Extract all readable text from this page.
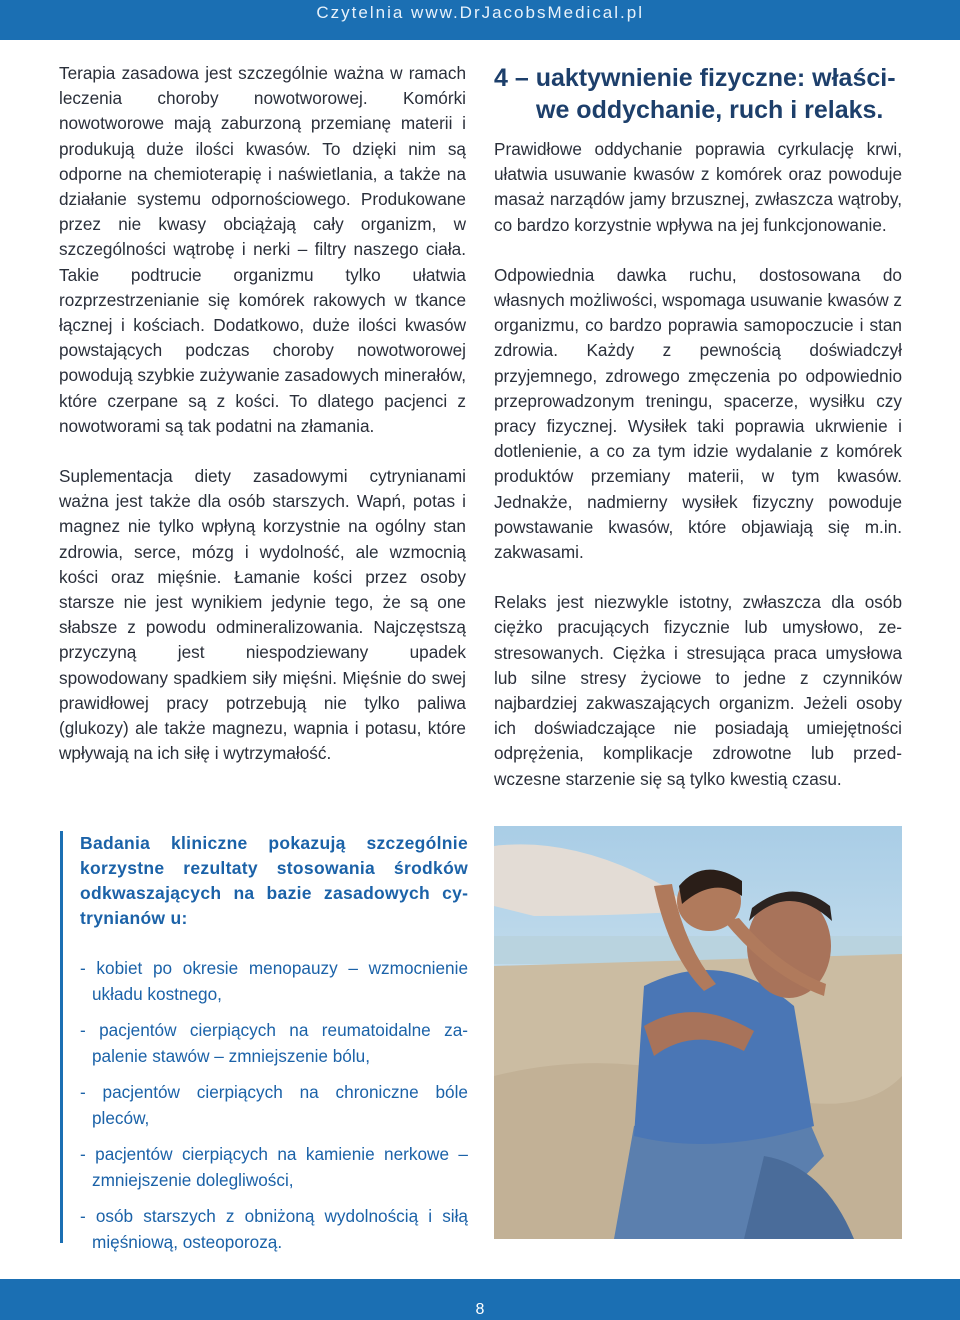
Czytelnia www.DrJacobsMedical.pl

Terapia zasadowa jest szczególnie ważna w ramach leczenia choroby nowotworowej. Komórki nowotworowe mają zaburzoną przemianę materii i produkują duże ilości kwasów. To dzięki nim są odporne na chemioterapię i naświetlania, a także na działanie systemu odpornościowego. Produkowane przez nie kwasy obciążają cały organizm, w szczególności wątrobę i nerki – filtry naszego ciała. Takie podtrucie organizmu tylko ułatwia rozprzestrzenianie się komórek rakowych w tkance łącznej i kościach. Dodatkowo, duże ilości kwasów powstających podczas choroby nowotworowej powodują szybkie zużywanie zasadowych minerałów, które czerpane są z kości. To dlatego pacjenci z nowotworami są tak podatni na złamania.

Suplementacja diety zasadowymi cytrynianami ważna jest także dla osób starszych. Wapń, potas i magnez nie tylko wpłyną korzystnie na ogólny stan zdrowia, serce, mózg i wydolność, ale wzmocnią kości oraz mięśnie. Łamanie kości przez osoby starsze nie jest wynikiem jedynie tego, że są one słabsze z powodu odmineralizowania. Najczęstszą przyczyną jest niespodziewany upadek spowodowany spadkiem siły mięśni. Mięśnie do swej prawidłowej pracy potrzebują nie tylko paliwa (glukozy) ale także magnezu, wapnia i potasu, które wpływają na ich siłę i wytrzymałość.

Badania kliniczne pokazują szczególnie korzystne rezultaty stosowania środków odkwaszających na bazie zasadowych cytrynianów u:
- kobiet po okresie menopauzy – wzmocnienie układu kostnego,
- pacjentów cierpiących na reumatoidalne zapalenie stawów – zmniejszenie bólu,
- pacjentów cierpiących na chroniczne bóle pleców,
- pacjentów cierpiących na kamienie nerkowe – zmniejszenie dolegliwości,
- osób starszych z obniżoną wydolnością i siłą mięśniową, osteoporozą.
4 – uaktywnienie fizyczne: właści-
we oddychanie, ruch i relaks.

Prawidłowe oddychanie poprawia cyrkulację krwi, ułatwia usuwanie kwasów z komórek oraz powoduje masaż narządów jamy brzusznej, zwłaszcza wątroby, co bardzo korzystnie wpływa na jej funkcjonowanie.

Odpowiednia dawka ruchu, dostosowana do własnych możliwości, wspomaga usuwanie kwasów z organizmu, co bardzo poprawia samopoczucie i stan zdrowia. Każdy z pewnością doświadczył przyjemnego, zdrowego zmęczenia po odpowiednio przeprowadzonym treningu, spacerze, wysiłku czy pracy fizycznej. Wysiłek taki poprawia ukrwienie i dotlenienie, a co za tym idzie wydalanie z komórek produktów przemiany materii, w tym kwasów. Jednakże, nadmierny wysiłek fizyczny powoduje powstawanie kwasów, które objawiają się m.in. zakwasami.

Relaks jest niezwykle istotny, zwłaszcza dla osób ciężko pracujących fizycznie lub umysłowo, zestresowanych. Ciężka i stresująca praca umysłowa lub silne stresy życiowe to jedne z czynników najbardziej zakwaszających organizm. Jeżeli osoby ich doświadczające nie posiadają umiejętności odprężenia, komplikacje zdrowotne lub przedwczesne starzenie się są tylko kwestią czasu.

8
